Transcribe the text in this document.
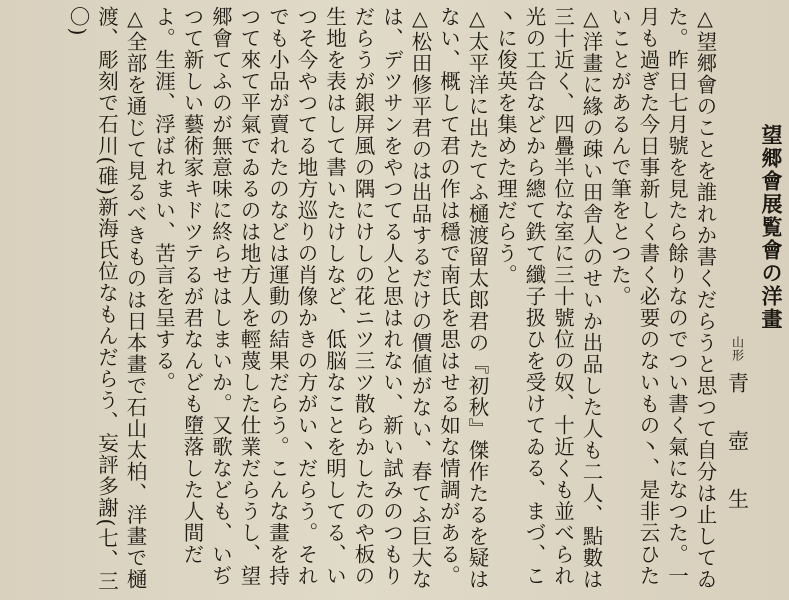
望郷會展覧會の洋畫
山形青　壺　生
△望郷會のことを誰れか書くだらうと思つて自分は止してゐた。昨日七月號を見たら餘りなのでつい書く氣になつた。一月も過ぎた今日事新しく書く必要のないもの丶、是非云ひたいことがあるんで筆をとつた。
△洋畫に緣の疎い田舎人のせいか出品した人も二人、點數は三十近く、四疊半位な室に三十號位の奴、十近くも並べられ光の工合などから總て鉄て纖子扱ひを受けてゐる、まづ、こ丶に俊英を集めた理だらう。
△太平洋に出たてふ樋渡留太郎君の『初秋』傑作たるを疑はない、概して君の作は穩で南氏を思はせる如な情調がある。
△松田修平君のは出品するだけの價値がない、春てふ巨大なは、デツサンをやつてる人と思はれない、新い試みのつもりだらうが銀屏風の隅にけしの花ニツ三ツ散らかしたのや板の生地を表はして書いたけしなど、低脳なことを明してる、いつそ今やつてる地方巡りの肖像かきの方がい丶だらう。それでも小品が賣れたのなどは運動の結果だらう。こんな畫を持つて來て平氣でゐるのは地方人を輕蔑した仕業だらうし、望郷會てふのが無意味に終らせはしまいか。又歌なども、いぢつて新しい藝術家キドツテるが君なんども墮落した人間だよ。生涯、浮ばれまい、苦言を呈する。
△全部を通じて見るべきものは日本畫で石山太柏、洋畫で樋渡、彫刻で石川(碓)新海氏位なもんだらう、妄評多謝(七、三〇)
